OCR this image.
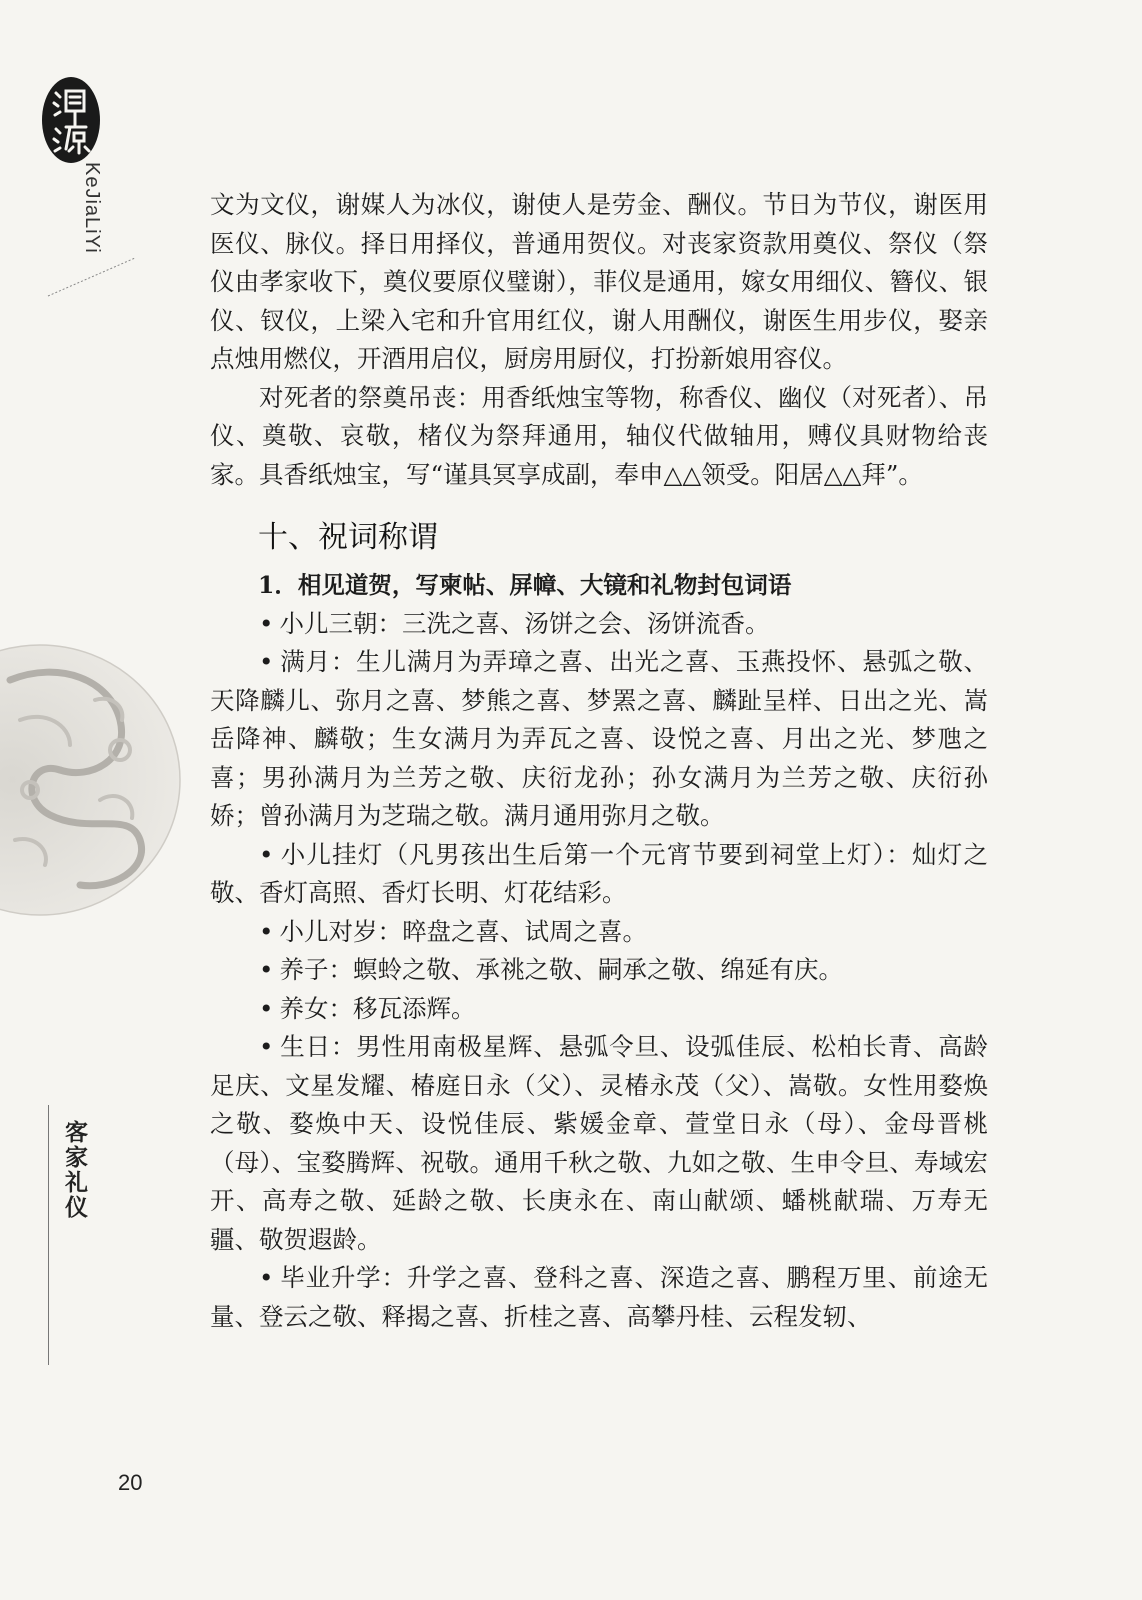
KeJiaLiYi
客家礼仪
20

文为文仪，谢媒人为冰仪，谢使人是劳金、酬仪。节日为节仪，谢医用医仪、脉仪。择日用择仪，普通用贺仪。对丧家资款用奠仪、祭仪（祭仪由孝家收下，奠仪要原仪璧谢），菲仪是通用，嫁女用细仪、簪仪、银仪、钗仪，上梁入宅和升官用红仪，谢人用酬仪，谢医生用步仪，娶亲点烛用燃仪，开酒用启仪，厨房用厨仪，打扮新娘用容仪。

对死者的祭奠吊丧：用香纸烛宝等物，称香仪、幽仪（对死者）、吊仪、奠敬、哀敬，楮仪为祭拜通用，轴仪代做轴用，赙仪具财物给丧家。具香纸烛宝，写“谨具冥享成副，奉申△△领受。阳居△△拜”。

十、祝词称谓

1．相见道贺，写柬帖、屏幛、大镜和礼物封包词语

• 小儿三朝：三洗之喜、汤饼之会、汤饼流香。

• 满月：生儿满月为弄璋之喜、出光之喜、玉燕投怀、悬弧之敬、天降麟儿、弥月之喜、梦熊之喜、梦罴之喜、麟趾呈样、日出之光、嵩岳降神、麟敬；生女满月为弄瓦之喜、设悦之喜、月出之光、梦虺之喜；男孙满月为兰芳之敬、庆衍龙孙；孙女满月为兰芳之敬、庆衍孙娇；曾孙满月为芝瑞之敬。满月通用弥月之敬。

• 小儿挂灯（凡男孩出生后第一个元宵节要到祠堂上灯）：灿灯之敬、香灯高照、香灯长明、灯花结彩。

• 小儿对岁：晬盘之喜、试周之喜。

• 养子：螟蛉之敬、承祧之敬、嗣承之敬、绵延有庆。

• 养女：移瓦添辉。

• 生日：男性用南极星辉、悬弧令旦、设弧佳辰、松柏长青、高龄足庆、文星发耀、椿庭日永（父）、灵椿永茂（父）、嵩敬。女性用婺焕之敬、婺焕中天、设悦佳辰、紫媛金章、萱堂日永（母）、金母晋桃（母）、宝婺腾辉、祝敬。通用千秋之敬、九如之敬、生申令旦、寿域宏开、高寿之敬、延龄之敬、长庚永在、南山献颂、蟠桃献瑞、万寿无疆、敬贺遐龄。

• 毕业升学：升学之喜、登科之喜、深造之喜、鹏程万里、前途无量、登云之敬、释揭之喜、折桂之喜、高攀丹桂、云程发轫、
